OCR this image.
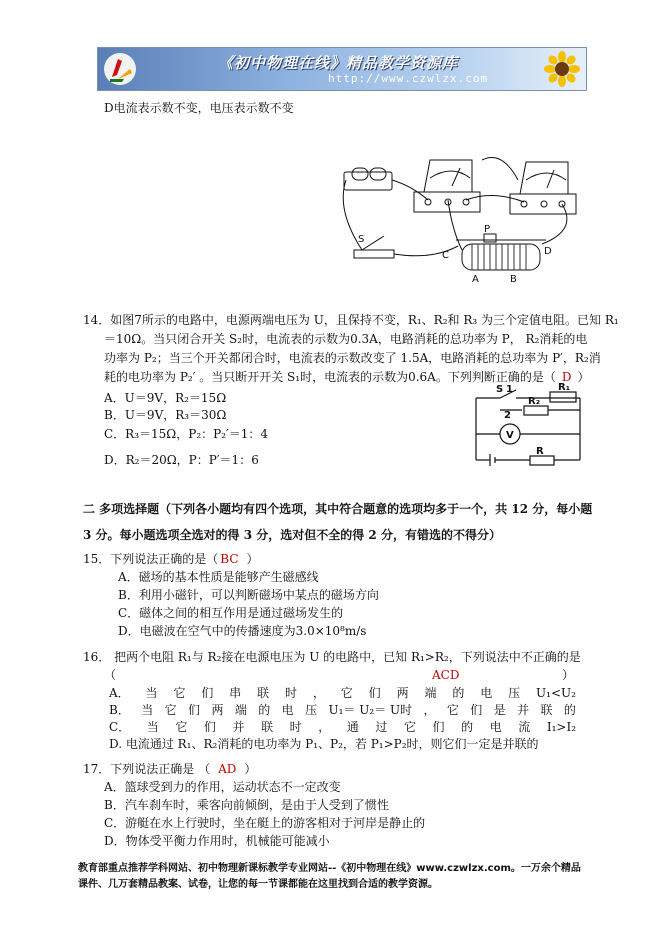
《初中物理在线》精品教学资源库
http://www.czwlzx.com
D电流表示数不变，电压表示数不变
S
P
A	B
C	D
14．如图7所示的电路中，电源两端电压为 U，且保持不变，R₁、R₂和 R₃ 为三个定值电阻。已知 R₁
＝10Ω。当只闭合开关 S₂时，电流表的示数为0.3A，电路消耗的总功率为 P， R₂消耗的电
功率为 P₂；当三个开关都闭合时，电流表的示数改变了 1.5A，电路消耗的总功率为 P′，R₂消
耗的电功率为 P₂′ 。当只断开开关 S₁时，电流表的示数为0.6A。下列判断正确的是（ D ）
A．U＝9V，R₂＝15Ω
B．U＝9V，R₃＝30Ω
C．R₃＝15Ω，P₂：P₂′＝1：4
D．R₂＝20Ω，P：P′＝1：6
S 1
2
R₂
R₁
V
R
二 多项选择题（下列各小题均有四个选项，其中符合题意的选项均多于一个，共 12 分，每小题
3 分。每小题选项全选对的得 3 分，选对但不全的得 2 分，有错选的不得分）
15．下列说法正确的是（ BC ）
A．磁场的基本性质是能够产生磁感线
B．利用小磁针，可以判断磁场中某点的磁场方向
C．磁体之间的相互作用是通过磁场发生的
D．电磁波在空气中的传播速度为3.0×10⁸m/s
16． 把两个电阻 R₁与 R₂接在电源电压为 U 的电路中，已知 R₁>R₂，下列说法中不正确的是
（	ACD	）
A． 当 它 们 串 联 时 ， 它 们 两 端 的 电 压 U₁<U₂
B． 当 它 们 两 端 的 电 压 U₁＝ U₂＝ U时 ， 它 们 是 并 联 的
C． 当 它 们 并 联 时 ， 通 过 它 们 的 电 流 I₁>I₂
D. 电流通过 R₁、R₂消耗的电功率为 P₁、P₂，若 P₁>P₂时，则它们一定是并联的
17．下列说法正确是 （ AD ）
A．篮球受到力的作用，运动状态不一定改变
B．汽车刹车时，乘客向前倾倒，是由于人受到了惯性
C．游艇在水上行驶时，坐在艇上的游客相对于河岸是静止的
D．物体受平衡力作用时，机械能可能减小
教育部重点推荐学科网站、初中物理新课标教学专业网站--《初中物理在线》www.czwlzx.com。一万余个精品
课件、几万套精品教案、试卷，让您的每一节课都能在这里找到合适的教学资源。
